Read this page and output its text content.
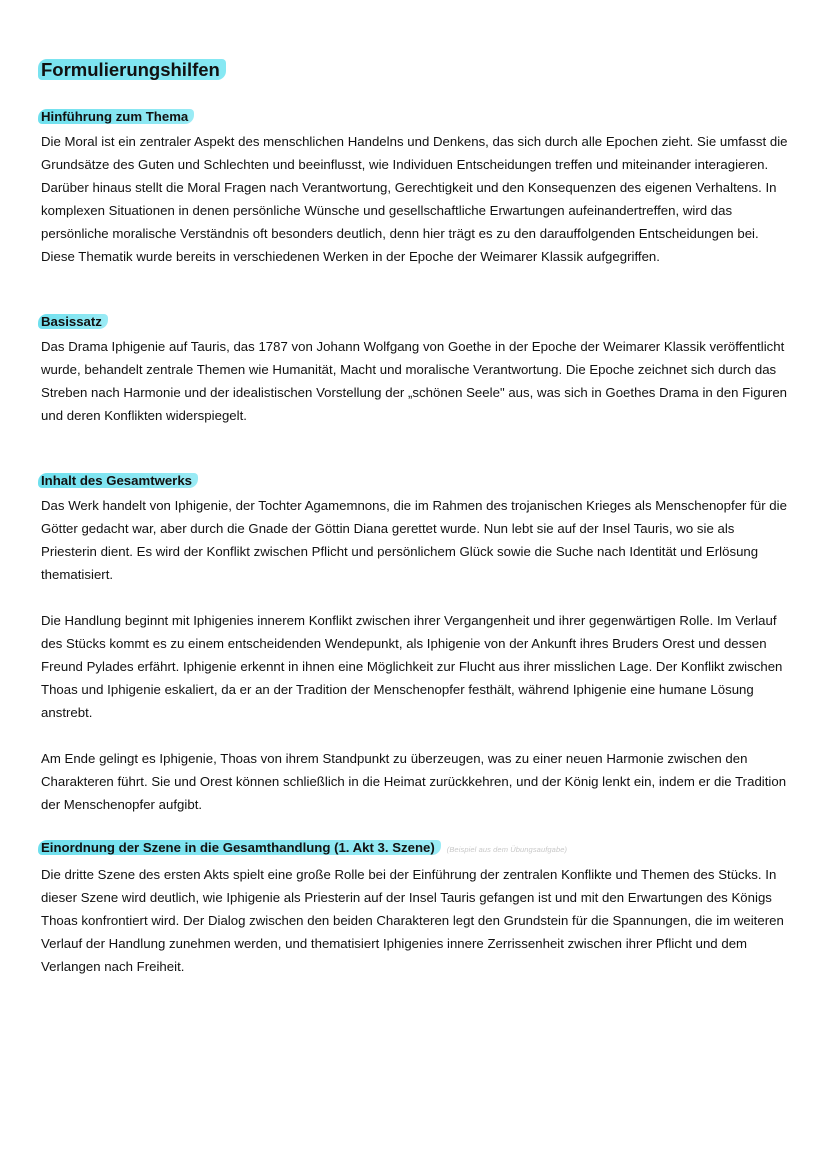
Formulierungshilfen
Hinführung zum Thema

Die Moral ist ein zentraler Aspekt des menschlichen Handelns und Denkens, das sich durch alle Epochen zieht. Sie umfasst die Grundsätze des Guten und Schlechten und beeinflusst, wie Individuen Entscheidungen treffen und miteinander interagieren. Darüber hinaus stellt die Moral Fragen nach Verantwortung, Gerechtigkeit und den Konsequenzen des eigenen Verhaltens. In komplexen Situationen in denen persönliche Wünsche und gesellschaftliche Erwartungen aufeinandertreffen, wird das persönliche moralische Verständnis oft besonders deutlich, denn hier trägt es zu den darauffolgenden Entscheidungen bei. Diese Thematik wurde bereits in verschiedenen Werken in der Epoche der Weimarer Klassik aufgegriffen.

Basissatz

Das Drama Iphigenie auf Tauris, das 1787 von Johann Wolfgang von Goethe in der Epoche der Weimarer Klassik veröffentlicht wurde, behandelt zentrale Themen wie Humanität, Macht und moralische Verantwortung. Die Epoche zeichnet sich durch das Streben nach Harmonie und der idealistischen Vorstellung der „schönen Seele" aus, was sich in Goethes Drama in den Figuren und deren Konflikten widerspiegelt.

Inhalt des Gesamtwerks

Das Werk handelt von Iphigenie, der Tochter Agamemnons, die im Rahmen des trojanischen Krieges als Menschenopfer für die Götter gedacht war, aber durch die Gnade der Göttin Diana gerettet wurde. Nun lebt sie auf der Insel Tauris, wo sie als Priesterin dient. Es wird der Konflikt zwischen Pflicht und persönlichem Glück sowie die Suche nach Identität und Erlösung thematisiert.

Die Handlung beginnt mit Iphigenies innerem Konflikt zwischen ihrer Vergangenheit und ihrer gegenwärtigen Rolle. Im Verlauf des Stücks kommt es zu einem entscheidenden Wendepunkt, als Iphigenie von der Ankunft ihres Bruders Orest und dessen Freund Pylades erfährt. Iphigenie erkennt in ihnen eine Möglichkeit zur Flucht aus ihrer misslichen Lage. Der Konflikt zwischen Thoas und Iphigenie eskaliert, da er an der Tradition der Menschenopfer festhält, während Iphigenie eine humane Lösung anstrebt.

Am Ende gelingt es Iphigenie, Thoas von ihrem Standpunkt zu überzeugen, was zu einer neuen Harmonie zwischen den Charakteren führt. Sie und Orest können schließlich in die Heimat zurückkehren, und der König lenkt ein, indem er die Tradition der Menschenopfer aufgibt.

Einordnung der Szene in die Gesamthandlung (1. Akt 3. Szene) (Beispiel aus dem Übungsaufgabe)

Die dritte Szene des ersten Akts spielt eine große Rolle bei der Einführung der zentralen Konflikte und Themen des Stücks. In dieser Szene wird deutlich, wie Iphigenie als Priesterin auf der Insel Tauris gefangen ist und mit den Erwartungen des Königs Thoas konfrontiert wird. Der Dialog zwischen den beiden Charakteren legt den Grundstein für die Spannungen, die im weiteren Verlauf der Handlung zunehmen werden, und thematisiert Iphigenies innere Zerrissenheit zwischen ihrer Pflicht und dem Verlangen nach Freiheit.
